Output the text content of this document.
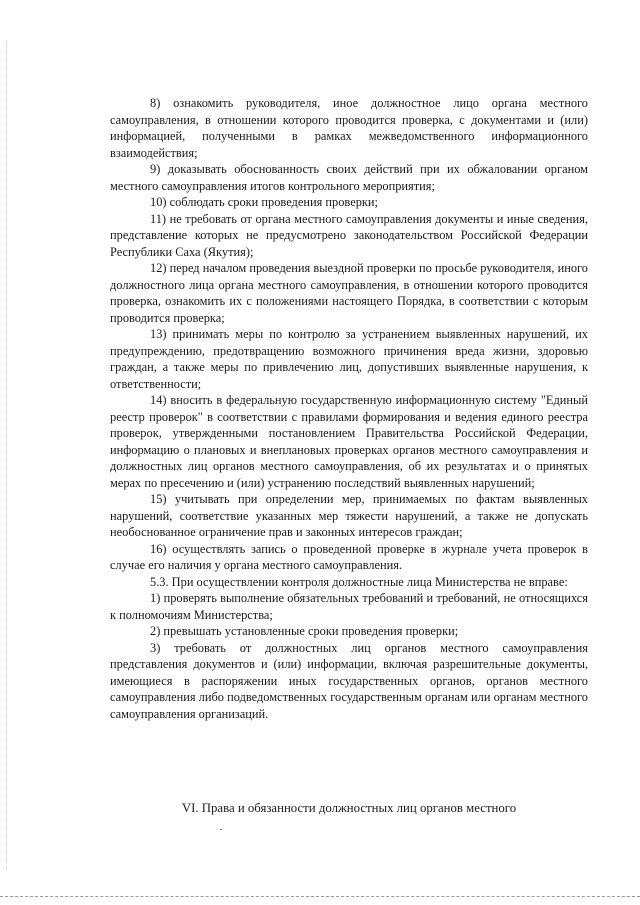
8) ознакомить руководителя, иное должностное лицо органа местного самоуправления, в отношении которого проводится проверка, с документами и (или) информацией, полученными в рамках межведомственного информационного взаимодействия;

9) доказывать обоснованность своих действий при их обжаловании органом местного самоуправления итогов контрольного мероприятия;

10) соблюдать сроки проведения проверки;

11) не требовать от органа местного самоуправления документы и иные сведения, представление которых не предусмотрено законодательством Российской Федерации Республики Саха (Якутия);

12) перед началом проведения выездной проверки по просьбе руководителя, иного должностного лица органа местного самоуправления, в отношении которого проводится проверка, ознакомить их с положениями настоящего Порядка, в соответствии с которым проводится проверка;

13) принимать меры по контролю за устранением выявленных нарушений, их предупреждению, предотвращению возможного причинения вреда жизни, здоровью граждан, а также меры по привлечению лиц, допустивших выявленные нарушения, к ответственности;

14) вносить в федеральную государственную информационную систему "Единый реестр проверок" в соответствии с правилами формирования и ведения единого реестра проверок, утвержденными постановлением Правительства Российской Федерации, информацию о плановых и внеплановых проверках органов местного самоуправления и должностных лиц органов местного самоуправления, об их результатах и о принятых мерах по пресечению и (или) устранению последствий выявленных нарушений;

15) учитывать при определении мер, принимаемых по фактам выявленных нарушений, соответствие указанных мер тяжести нарушений, а также не допускать необоснованное ограничение прав и законных интересов граждан;

16) осуществлять запись о проведенной проверке в журнале учета проверок в случае его наличия у органа местного самоуправления.

5.3. При осуществлении контроля должностные лица Министерства не вправе:

1) проверять выполнение обязательных требований и требований, не относящихся к полномочиям Министерства;

2) превышать установленные сроки проведения проверки;

3) требовать от должностных лиц органов местного самоуправления представления документов и (или) информации, включая разрешительные документы, имеющиеся в распоряжении иных государственных органов, органов местного самоуправления либо подведомственных государственным органам или органам местного самоуправления организаций.

VI. Права и обязанности должностных лиц органов местного
